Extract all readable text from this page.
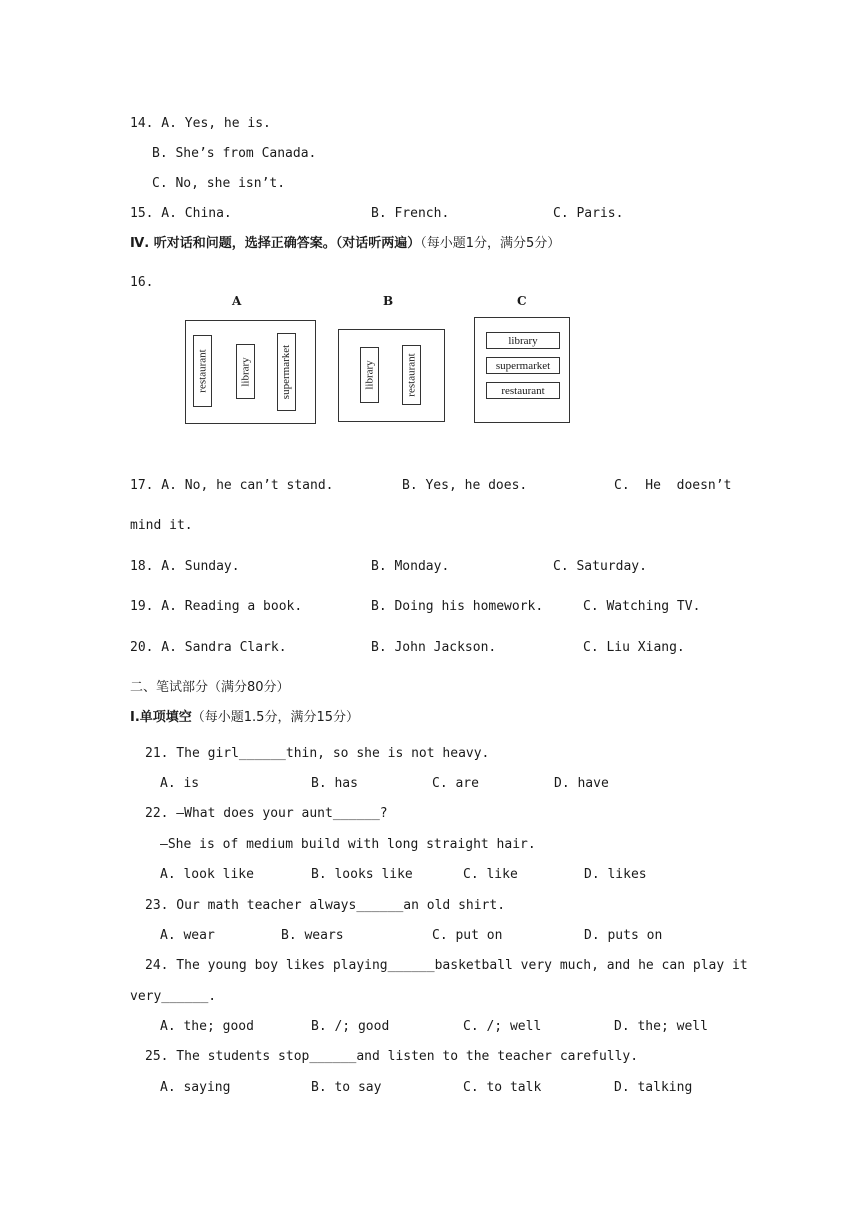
14. A. Yes, he is.
B. She’s from Canada.
C. No, she isn’t.
15. A. China.	B. French.	C. Paris.
Ⅳ. 听对话和问题，选择正确答案。（对话听两遍）（每小题1分，满分5分）
16.
A
restaurant	library	supermarket
B
library	restaurant
C
library
supermarket
restaurant
17. A. No, he can’t stand.	B. Yes, he does.	C.  He  doesn’t
mind it.
18. A. Sunday.	B. Monday.	C. Saturday.
19. A. Reading a book.	B. Doing his homework.	C. Watching TV.
20. A. Sandra Clark.	B. John Jackson.	C. Liu Xiang.
二、笔试部分（满分80分）
Ⅰ.单项填空（每小题1.5分，满分15分）
21. The girl______thin, so she is not heavy.
A. is	B. has	C. are	D. have
22. —What does your aunt______?
—She is of medium build with long straight hair.
A. look like	B. looks like	C. like	D. likes
23. Our math teacher always______an old shirt.
A. wear	B. wears	C. put on	D. puts on
24. The young boy likes playing______basketball very much, and he can play it
very______.
A. the; good	B. /; good	C. /; well	D. the; well
25. The students stop______and listen to the teacher carefully.
A. saying	B. to say	C. to talk	D. talking
